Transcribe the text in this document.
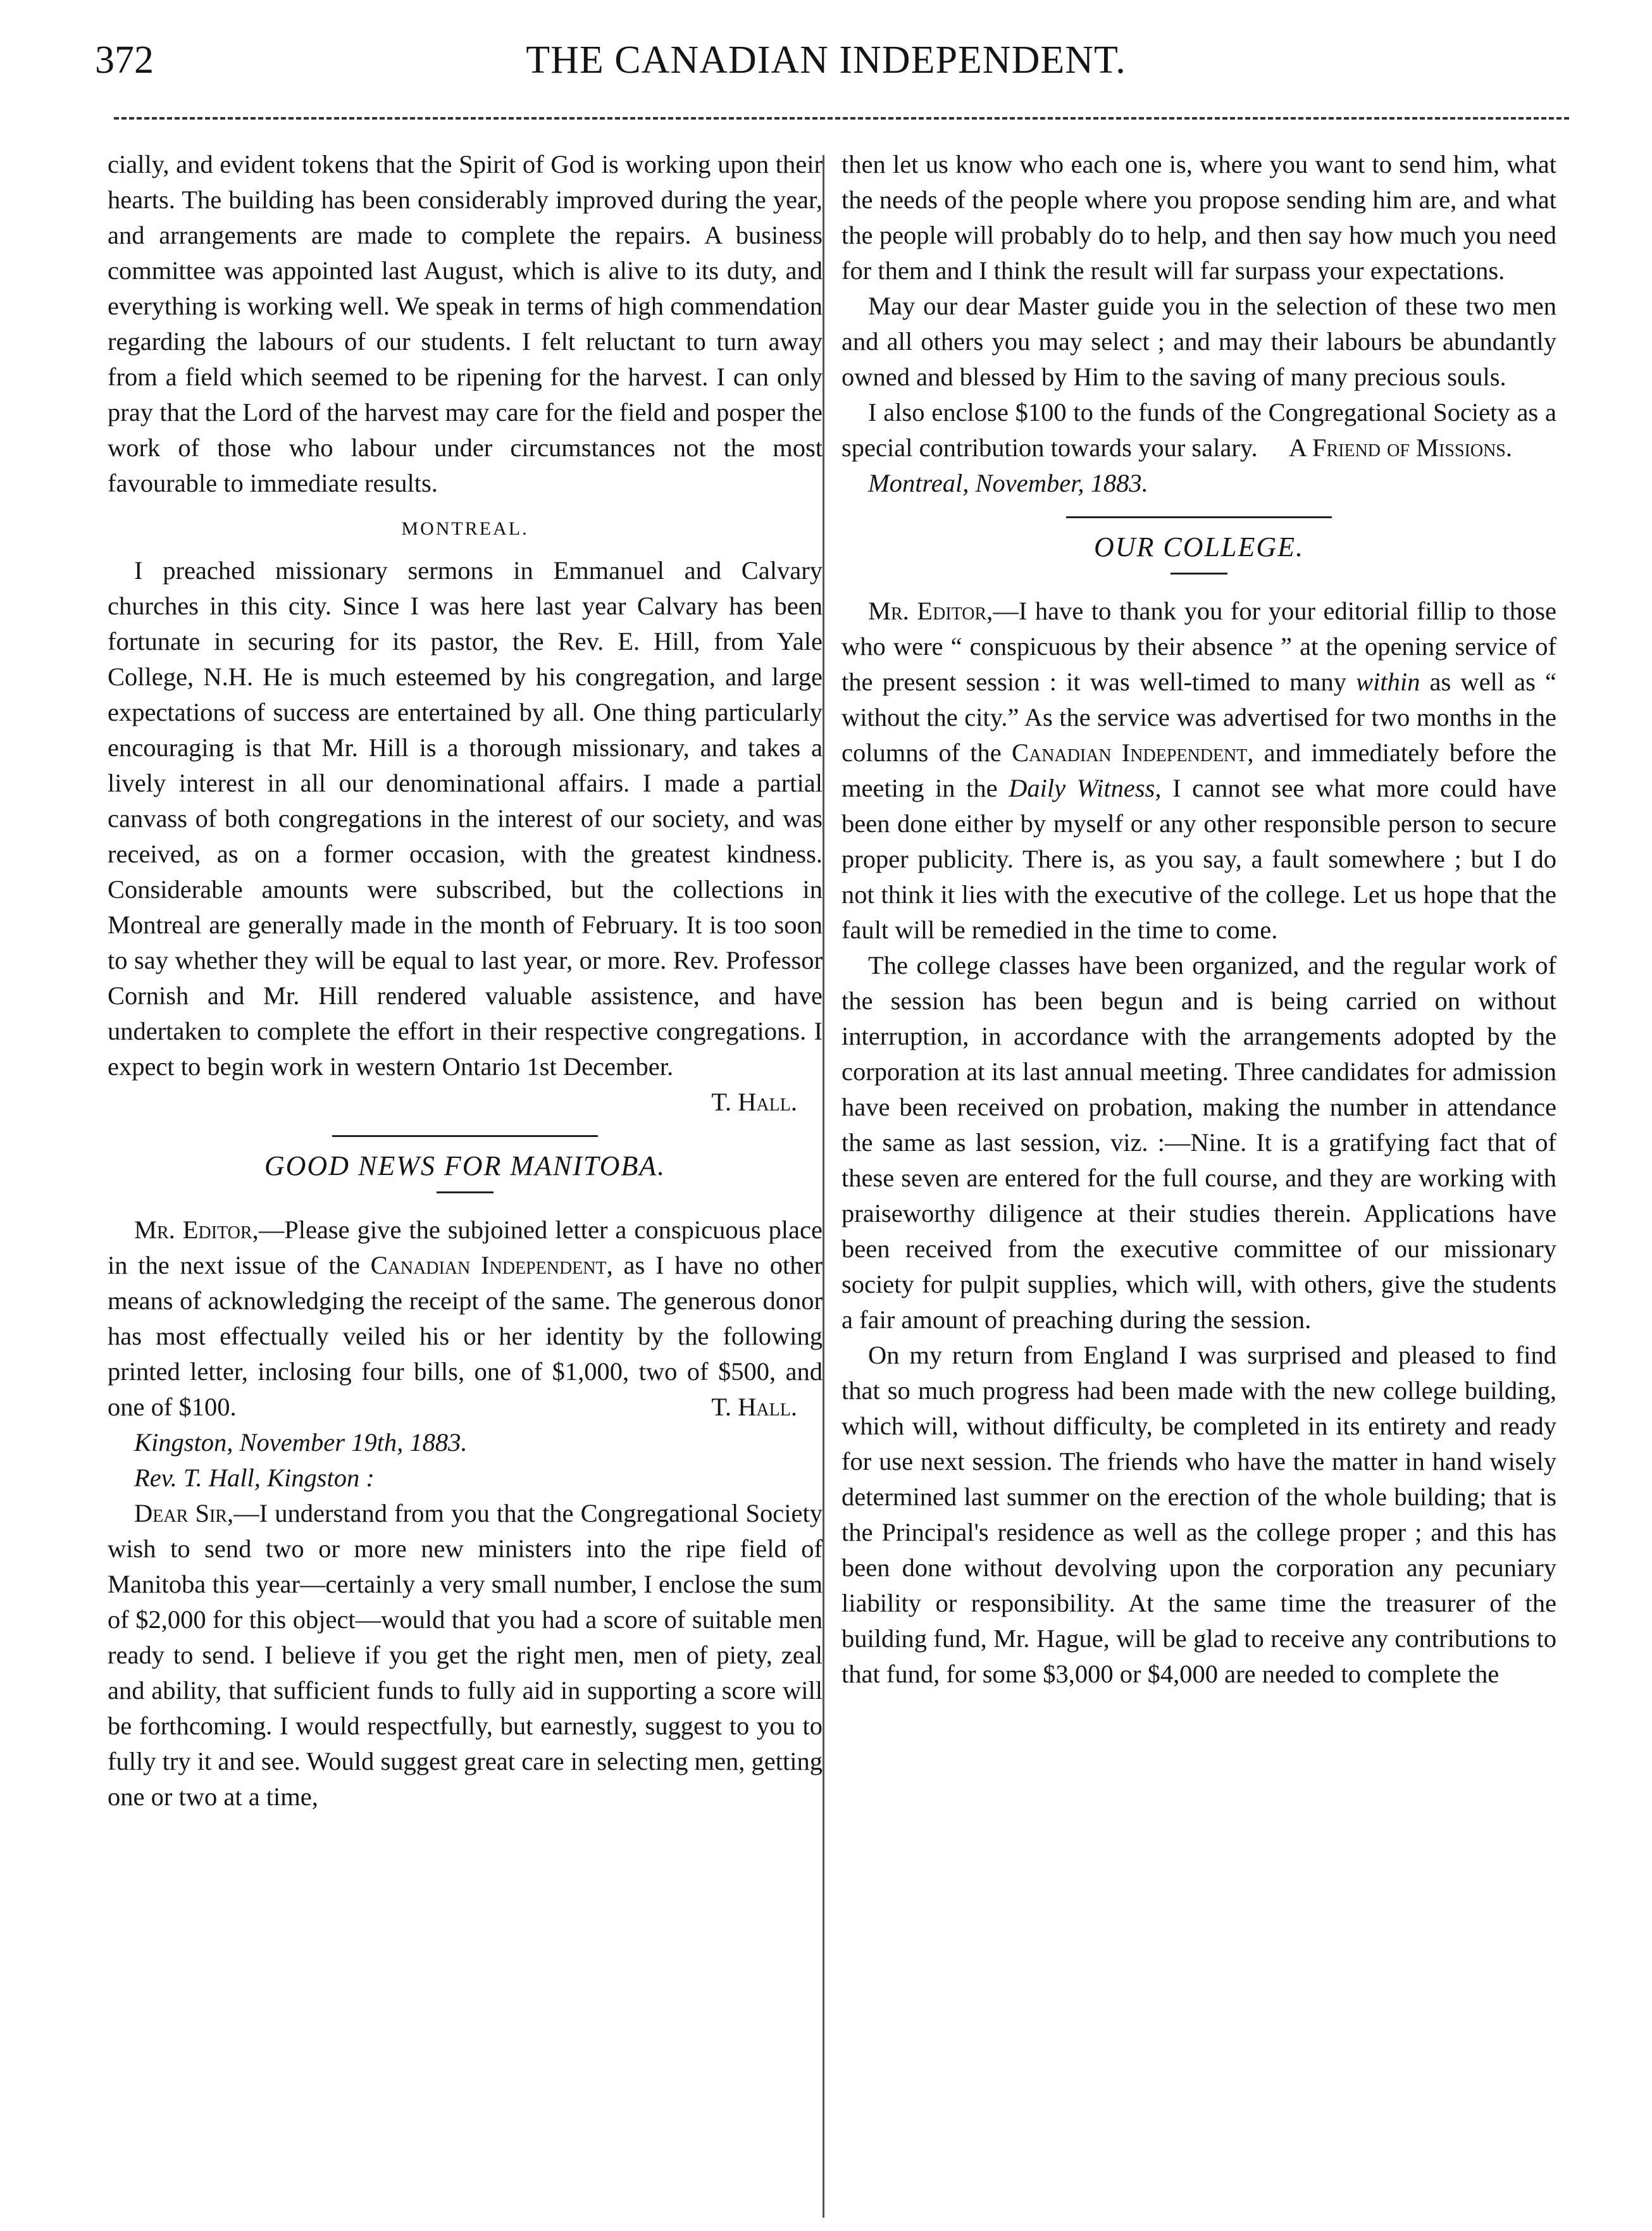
372	THE CANADIAN INDEPENDENT.

cially, and evident tokens that the Spirit of God is working upon their hearts. The building has been considerably improved during the year, and arrangements are made to complete the repairs. A business committee was appointed last August, which is alive to its duty, and everything is working well. We speak in terms of high commendation regarding the labours of our students. I felt reluctant to turn away from a field which seemed to be ripening for the harvest. I can only pray that the Lord of the harvest may care for the field and posper the work of those who labour under circumstances not the most favourable to immediate results.

MONTREAL.

I preached missionary sermons in Emmanuel and Calvary churches in this city. Since I was here last year Calvary has been fortunate in securing for its pastor, the Rev. E. Hill, from Yale College, N.H. He is much esteemed by his congregation, and large expectations of success are entertained by all. One thing particularly encouraging is that Mr. Hill is a thorough missionary, and takes a lively interest in all our denominational affairs. I made a partial canvass of both congregations in the interest of our society, and was received, as on a former occasion, with the greatest kindness. Considerable amounts were subscribed, but the collections in Montreal are generally made in the month of February. It is too soon to say whether they will be equal to last year, or more. Rev. Professor Cornish and Mr. Hill rendered valuable assistence, and have undertaken to complete the effort in their respective congregations. I expect to begin work in western Ontario 1st December.

T. Hall.

GOOD NEWS FOR MANITOBA.

Mr. Editor,—Please give the subjoined letter a conspicuous place in the next issue of the Canadian Independent, as I have no other means of acknowledging the receipt of the same. The generous donor has most effectually veiled his or her identity by the following printed letter, inclosing four bills, one of $1,000, two of $500, and one of $100.	T. Hall.

Kingston, November 19th, 1883.

Rev. T. Hall, Kingston :

Dear Sir,—I understand from you that the Congregational Society wish to send two or more new ministers into the ripe field of Manitoba this year—certainly a very small number, I enclose the sum of $2,000 for this object—would that you had a score of suitable men ready to send. I believe if you get the right men, men of piety, zeal and ability, that sufficient funds to fully aid in supporting a score will be forthcoming. I would respectfully, but earnestly, suggest to you to fully try it and see. Would suggest great care in selecting men, getting one or two at a time,

then let us know who each one is, where you want to send him, what the needs of the people where you propose sending him are, and what the people will probably do to help, and then say how much you need for them and I think the result will far surpass your expectations.

May our dear Master guide you in the selection of these two men and all others you may select ; and may their labours be abundantly owned and blessed by Him to the saving of many precious souls.

I also enclose $100 to the funds of the Congregational Society as a special contribution towards your salary.	A Friend of Missions.

Montreal, November, 1883.

OUR COLLEGE.

Mr. Editor,—I have to thank you for your editorial fillip to those who were “ conspicuous by their absence ” at the opening service of the present session : it was well-timed to many within as well as “ without the city.” As the service was advertised for two months in the columns of the Canadian Independent, and immediately before the meeting in the Daily Witness, I cannot see what more could have been done either by myself or any other responsible person to secure proper publicity. There is, as you say, a fault somewhere ; but I do not think it lies with the executive of the college. Let us hope that the fault will be remedied in the time to come.

The college classes have been organized, and the regular work of the session has been begun and is being carried on without interruption, in accordance with the arrangements adopted by the corporation at its last annual meeting. Three candidates for admission have been received on probation, making the number in attendance the same as last session, viz. :—Nine. It is a gratifying fact that of these seven are entered for the full course, and they are working with praiseworthy diligence at their studies therein. Applications have been received from the executive committee of our missionary society for pulpit supplies, which will, with others, give the students a fair amount of preaching during the session.

On my return from England I was surprised and pleased to find that so much progress had been made with the new college building, which will, without difficulty, be completed in its entirety and ready for use next session. The friends who have the matter in hand wisely determined last summer on the erection of the whole building; that is the Principal's residence as well as the college proper ; and this has been done without devolving upon the corporation any pecuniary liability or responsibility. At the same time the treasurer of the building fund, Mr. Hague, will be glad to receive any contributions to that fund, for some $3,000 or $4,000 are needed to complete the
